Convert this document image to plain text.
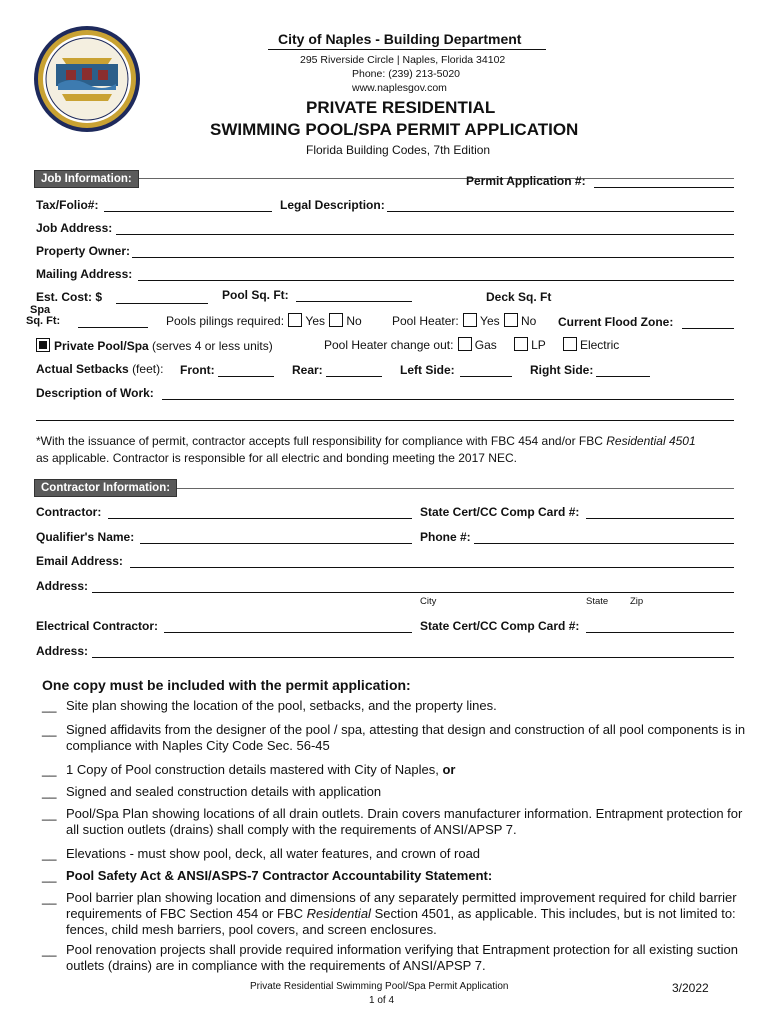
City of Naples - Building Department
295 Riverside Circle | Naples, Florida 34102
Phone: (239) 213-5020
www.naplesgov.com
PRIVATE RESIDENTIAL
SWIMMING POOL/SPA PERMIT APPLICATION
Florida Building Codes, 7th Edition
Job Information:	Permit Application #:
Tax/Folio#:	Legal Description:
Job Address:
Property Owner:
Mailing Address:
Est. Cost: $	Pool Sq. Ft:	Deck Sq. Ft
Spa
Sq. Ft:	Pools pilings required: Yes No	Pool Heater: Yes No Current Flood Zone:
Private Pool/Spa (serves 4 or less units)	Pool Heater change out: Gas	LP	Electric
Actual Setbacks (feet): Front:	Rear:	Left Side:	Right Side:
Description of Work:
*With the issuance of permit, contractor accepts full responsibility for compliance with FBC 454 and/or FBC Residential 4501
as applicable. Contractor is responsible for all electric and bonding meeting the 2017 NEC.
Contractor Information:
Contractor:	State Cert/CC Comp Card #:
Qualifier's Name:	Phone #:
Email Address:
Address:
City	State Zip
Electrical Contractor:	State Cert/CC Comp Card #:
Address:
One copy must be included with the permit application:
__ Site plan showing the location of the pool, setbacks, and the property lines.
__ Signed affidavits from the designer of the pool / spa, attesting that design and construction of all pool components is in compliance with Naples City Code Sec. 56-45
__ 1 Copy of Pool construction details mastered with City of Naples, or
__ Signed and sealed construction details with application
__ Pool/Spa Plan showing locations of all drain outlets. Drain covers manufacturer information. Entrapment protection for all suction outlets (drains) shall comply with the requirements of ANSI/APSP 7.
__ Elevations - must show pool, deck, all water features, and crown of road
__ Pool Safety Act & ANSI/ASPS-7 Contractor Accountability Statement:
__ Pool barrier plan showing location and dimensions of any separately permitted improvement required for child barrier requirements of FBC Section 454 or FBC Residential Section 4501, as applicable. This includes, but is not limited to: fences, child mesh barriers, pool covers, and screen enclosures.
__ Pool renovation projects shall provide required information verifying that Entrapment protection for all existing suction outlets (drains) are in compliance with the requirements of ANSI/APSP 7.
Private Residential Swimming Pool/Spa Permit Application
1 of 4
3/2022
